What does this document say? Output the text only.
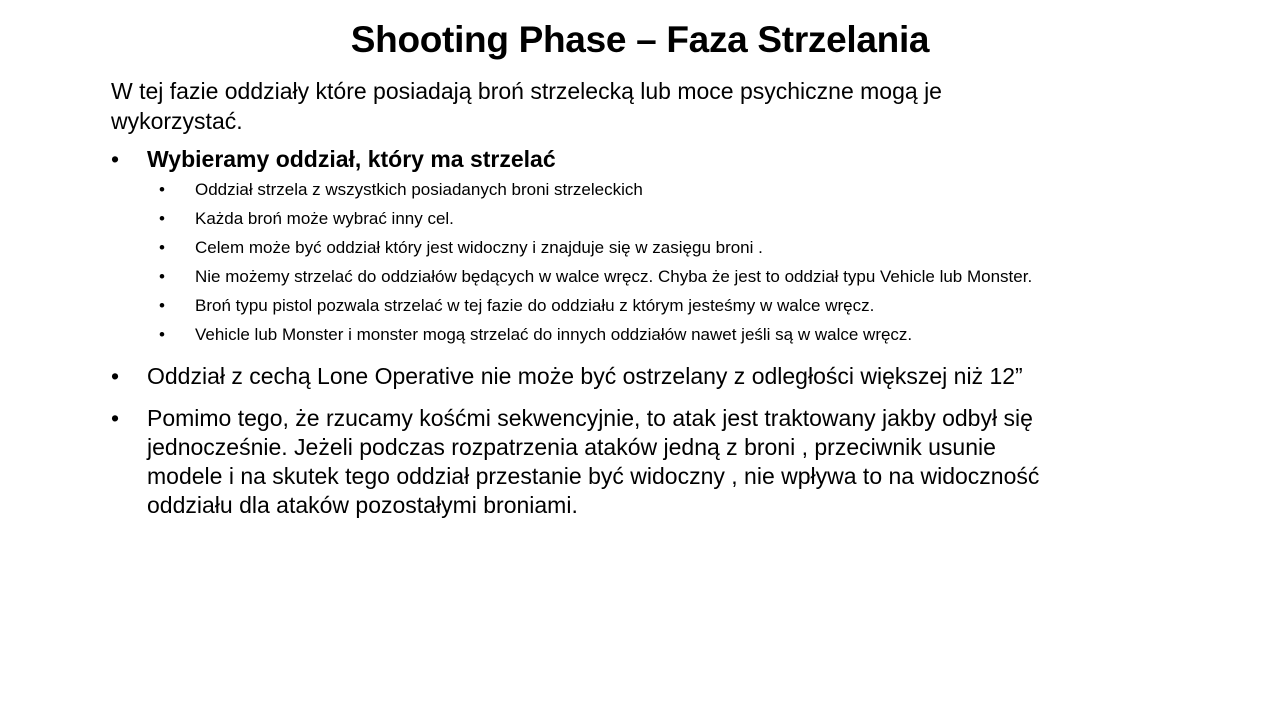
Shooting Phase – Faza Strzelania
W tej fazie oddziały które posiadają broń strzelecką lub moce psychiczne mogą je wykorzystać.
• Wybieramy oddział, który ma strzelać
• Oddział strzela z wszystkich posiadanych broni strzeleckich
• Każda broń może wybrać inny cel.
• Celem może być oddział który jest widoczny i znajduje się w zasięgu broni .
• Nie możemy strzelać do oddziałów będących w walce wręcz. Chyba że jest to oddział typu Vehicle lub Monster.
• Broń typu pistol pozwala strzelać w tej fazie do oddziału z którym jesteśmy w walce wręcz.
• Vehicle lub Monster i monster mogą strzelać do innych oddziałów nawet jeśli są w walce wręcz.
• Oddział z cechą Lone Operative nie może być ostrzelany z odległości większej niż 12”
• Pomimo tego, że rzucamy kośćmi sekwencyjnie, to atak jest traktowany jakby odbył się jednocześnie. Jeżeli podczas rozpatrzenia ataków jedną z broni , przeciwnik usunie modele i na skutek tego oddział przestanie być widoczny , nie wpływa to na widoczność oddziału dla ataków pozostałymi broniami.
